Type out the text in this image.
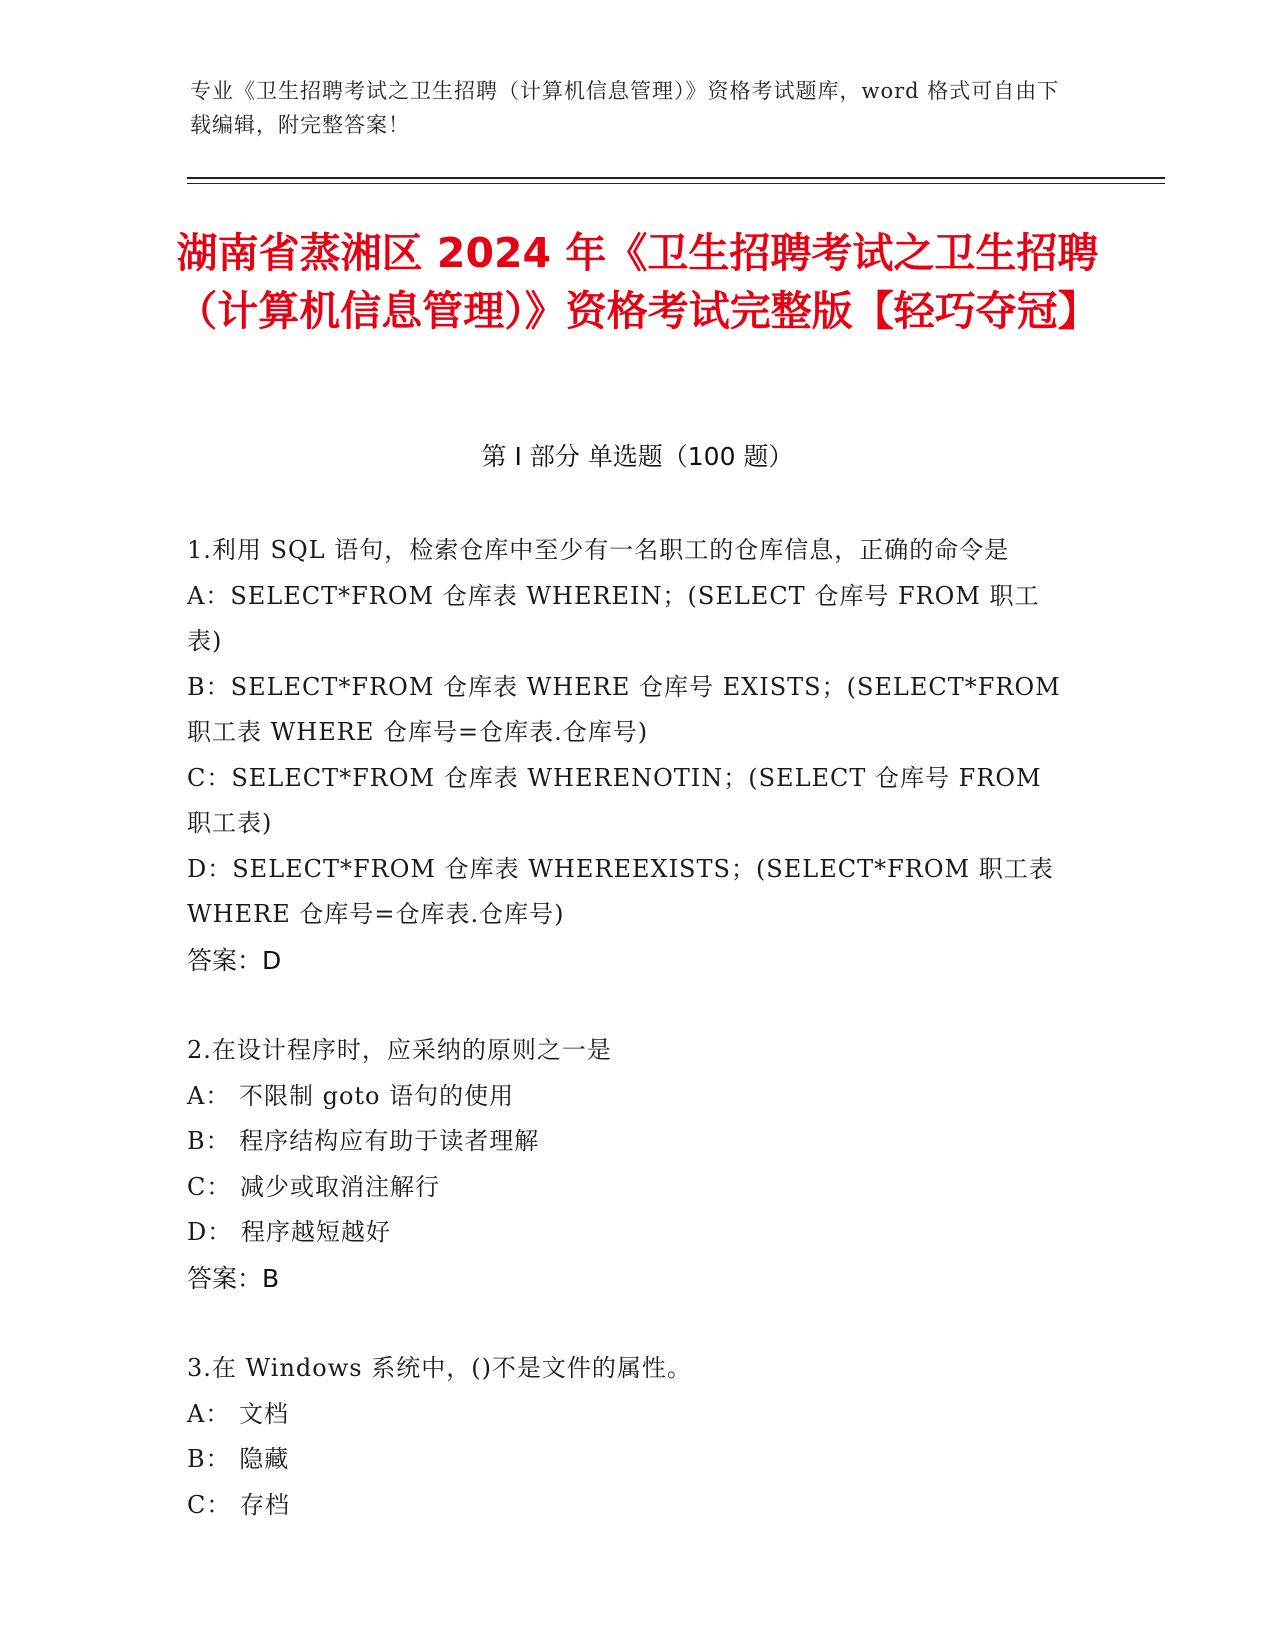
专业《卫生招聘考试之卫生招聘（计算机信息管理）》资格考试题库，word 格式可自由下载编辑，附完整答案！
湖南省蒸湘区 2024 年《卫生招聘考试之卫生招聘（计算机信息管理）》资格考试完整版【轻巧夺冠】
第 I 部分 单选题（100 题）

1.利用 SQL 语句，检索仓库中至少有一名职工的仓库信息，正确的命令是

A：SELECT*FROM 仓库表 WHEREIN；(SELECT 仓库号 FROM 职工表)

B：SELECT*FROM 仓库表 WHERE 仓库号 EXISTS；(SELECT*FROM 职工表 WHERE 仓库号=仓库表.仓库号)

C：SELECT*FROM 仓库表 WHERENOTIN；(SELECT 仓库号 FROM 职工表)

D：SELECT*FROM 仓库表 WHEREEXISTS；(SELECT*FROM 职工表 WHERE 仓库号=仓库表.仓库号)

答案：D

2.在设计程序时，应采纳的原则之一是

A： 不限制 goto 语句的使用

B： 程序结构应有助于读者理解

C： 减少或取消注解行

D： 程序越短越好

答案：B

3.在 Windows 系统中，()不是文件的属性。

A： 文档

B： 隐藏

C： 存档
